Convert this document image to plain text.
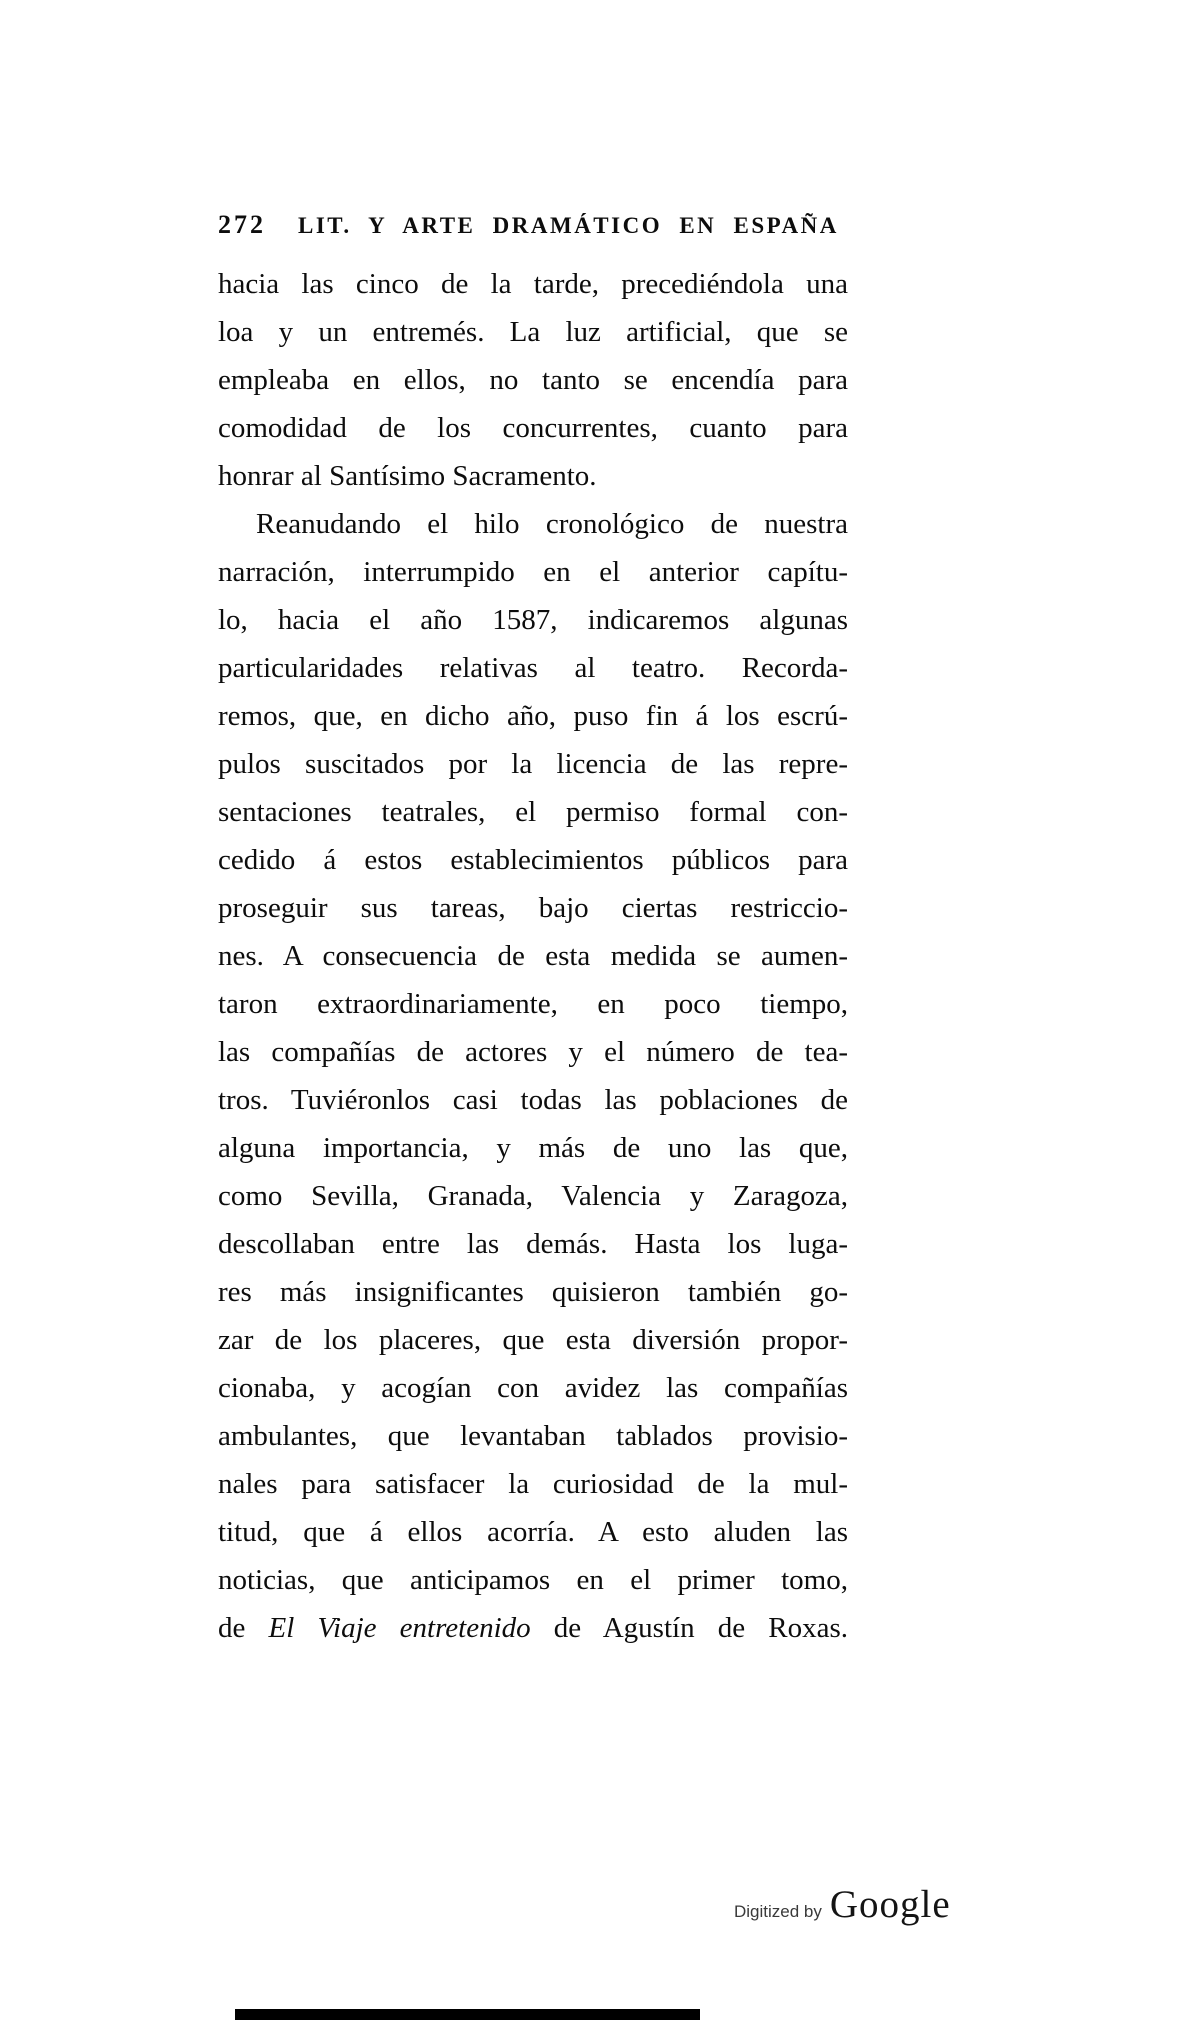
272 LIT. Y ARTE DRAMÁTICO EN ESPAÑA
hacia las cinco de la tarde, precediéndola una
loa y un entremés. La luz artificial, que se
empleaba en ellos, no tanto se encendía para
comodidad de los concurrentes, cuanto para
honrar al Santísimo Sacramento.
Reanudando el hilo cronológico de nuestra
narración, interrumpido en el anterior capítu-
lo, hacia el año 1587, indicaremos algunas
particularidades relativas al teatro. Recorda-
remos, que, en dicho año, puso fin á los escrú-
pulos suscitados por la licencia de las repre-
sentaciones teatrales, el permiso formal con-
cedido á estos establecimientos públicos para
proseguir sus tareas, bajo ciertas restriccio-
nes. A consecuencia de esta medida se aumen-
taron extraordinariamente, en poco tiempo,
las compañías de actores y el número de tea-
tros. Tuviéronlos casi todas las poblaciones de
alguna importancia, y más de uno las que,
como Sevilla, Granada, Valencia y Zaragoza,
descollaban entre las demás. Hasta los luga-
res más insignificantes quisieron también go-
zar de los placeres, que esta diversión propor-
cionaba, y acogían con avidez las compañías
ambulantes, que levantaban tablados provisio-
nales para satisfacer la curiosidad de la mul-
titud, que á ellos acorría. A esto aluden las
noticias, que anticipamos en el primer tomo,
de El Viaje entretenido de Agustín de Roxas.
Digitized by Google
